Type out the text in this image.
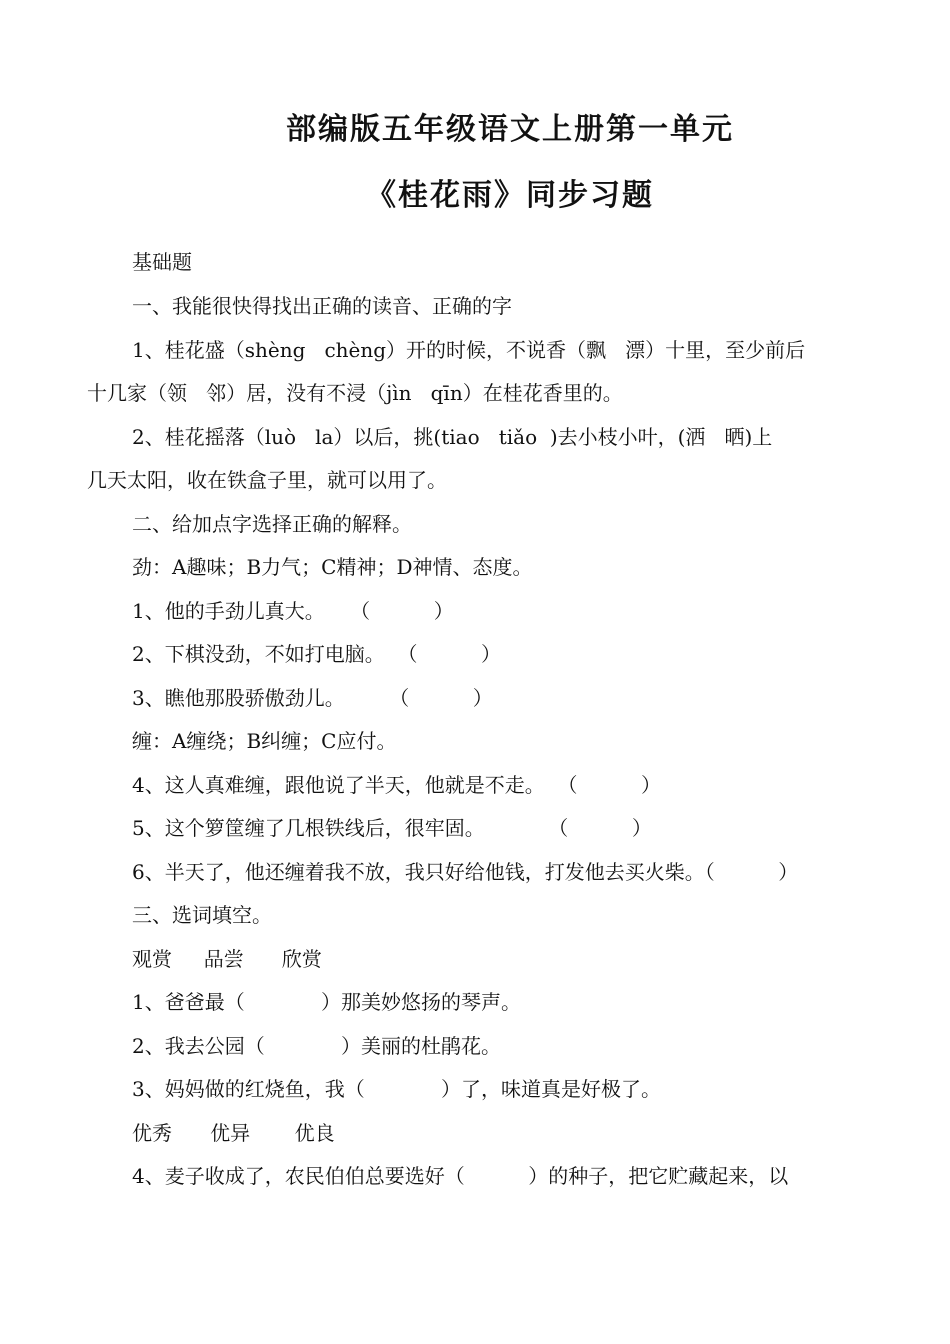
部编版五年级语文上册第一单元
《桂花雨》同步习题
基础题
一、我能很快得找出正确的读音、正确的字
1、桂花盛（shèng   chèng）开的时候，不说香（飘   漂）十里，至少前后
十几家（领   邻）居，没有不浸（jìn   qīn）在桂花香里的。
2、桂花摇落（luò   la）以后，挑(tiao   tiǎo  )去小枝小叶，(洒   晒)上
几天太阳，收在铁盒子里，就可以用了。
二、给加点字选择正确的解释。
劲：A趣味；B力气；C精神；D神情、态度。
1、他的手劲儿真大。    （          ）
2、下棋没劲，不如打电脑。  （          ）
3、瞧他那股骄傲劲儿。       （          ）
缠：A缠绕；B纠缠；C应付。
4、这人真难缠，跟他说了半天，他就是不走。  （          ）
5、这个箩筐缠了几根铁线后，很牢固。          （          ）
6、半天了，他还缠着我不放，我只好给他钱，打发他去买火柴。（          ）
三、选词填空。
观赏     品尝      欣赏
1、爸爸最（            ）那美妙悠扬的琴声。
2、我去公园（            ）美丽的杜鹃花。
3、妈妈做的红烧鱼，我（            ）了，味道真是好极了。
优秀      优异       优良
4、麦子收成了，农民伯伯总要选好（          ）的种子，把它贮藏起来，以
